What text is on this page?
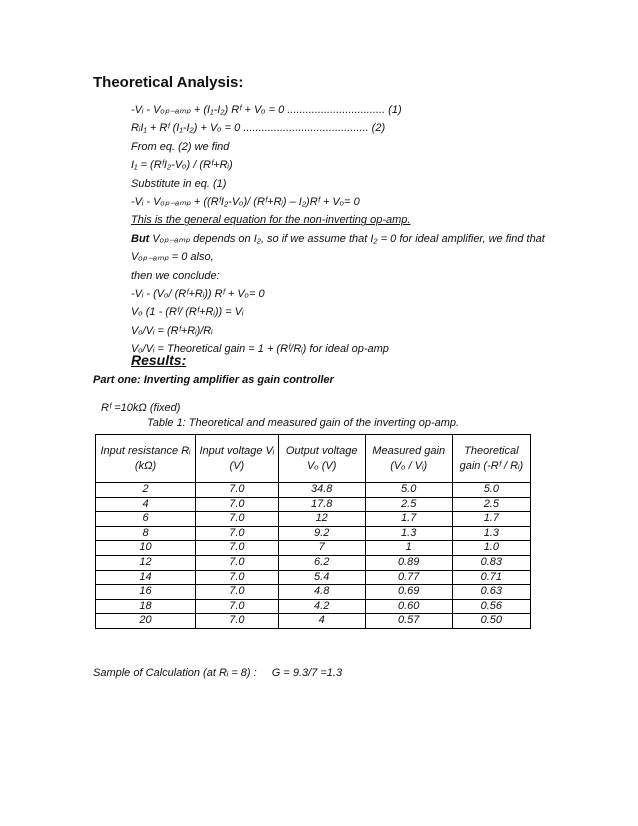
Theoretical Analysis:
-Vᵢ - Vₒₚ₋ₐₘₚ + (I₁-I₂) Rᶠ + Vₒ = 0 ................................ (1)
RᵢI₁ + Rᶠ (I₁-I₂) + Vₒ = 0 ......................................... (2)
From eq. (2) we find
I₁ = (RᶠI₂-Vₒ) / (Rᶠ+Rᵢ)
Substitute in eq. (1)
-Vᵢ - Vₒₚ₋ₐₘₚ + ((RᶠI₂-Vₒ)/ (Rᶠ+Rᵢ) – I₂)Rᶠ + Vₒ= 0
This is the general equation for the non-inverting op-amp.
But Vₒₚ₋ₐₘₚ depends on I₂, so if we assume that I₂ = 0 for ideal amplifier, we find that Vₒₚ₋ₐₘₚ = 0 also,
then we conclude:
-Vᵢ - (Vₒ/ (Rᶠ+Rᵢ)) Rᶠ + Vₒ= 0
Vₒ (1 - (Rᶠ/ (Rᶠ+Rᵢ)) = Vᵢ
Vₒ/Vᵢ = (Rᶠ+Rᵢ)/Rᵢ
Vₒ/Vᵢ = Theoretical gain = 1 + (Rᶠ/Rᵢ) for ideal op-amp
Results:
Part one: Inverting amplifier as gain controller
Rᶠ =10kΩ (fixed)
Table 1: Theoretical and measured gain of the inverting op-amp.
Input resistance Rᵢ (kΩ)	Input voltage Vᵢ (V)	Output voltage Vₒ (V)	Measured gain (Vₒ / Vᵢ)	Theoretical gain (-Rᶠ / Rᵢ)
2	7.0	34.8	5.0	5.0
4	7.0	17.8	2.5	2.5
6	7.0	12	1.7	1.7
8	7.0	9.2	1.3	1.3
10	7.0	7	1	1.0
12	7.0	6.2	0.89	0.83
14	7.0	5.4	0.77	0.71
16	7.0	4.8	0.69	0.63
18	7.0	4.2	0.60	0.56
20	7.0	4	0.57	0.50
Sample of Calculation (at Rᵢ = 8) : G = 9.3/7 =1.3
